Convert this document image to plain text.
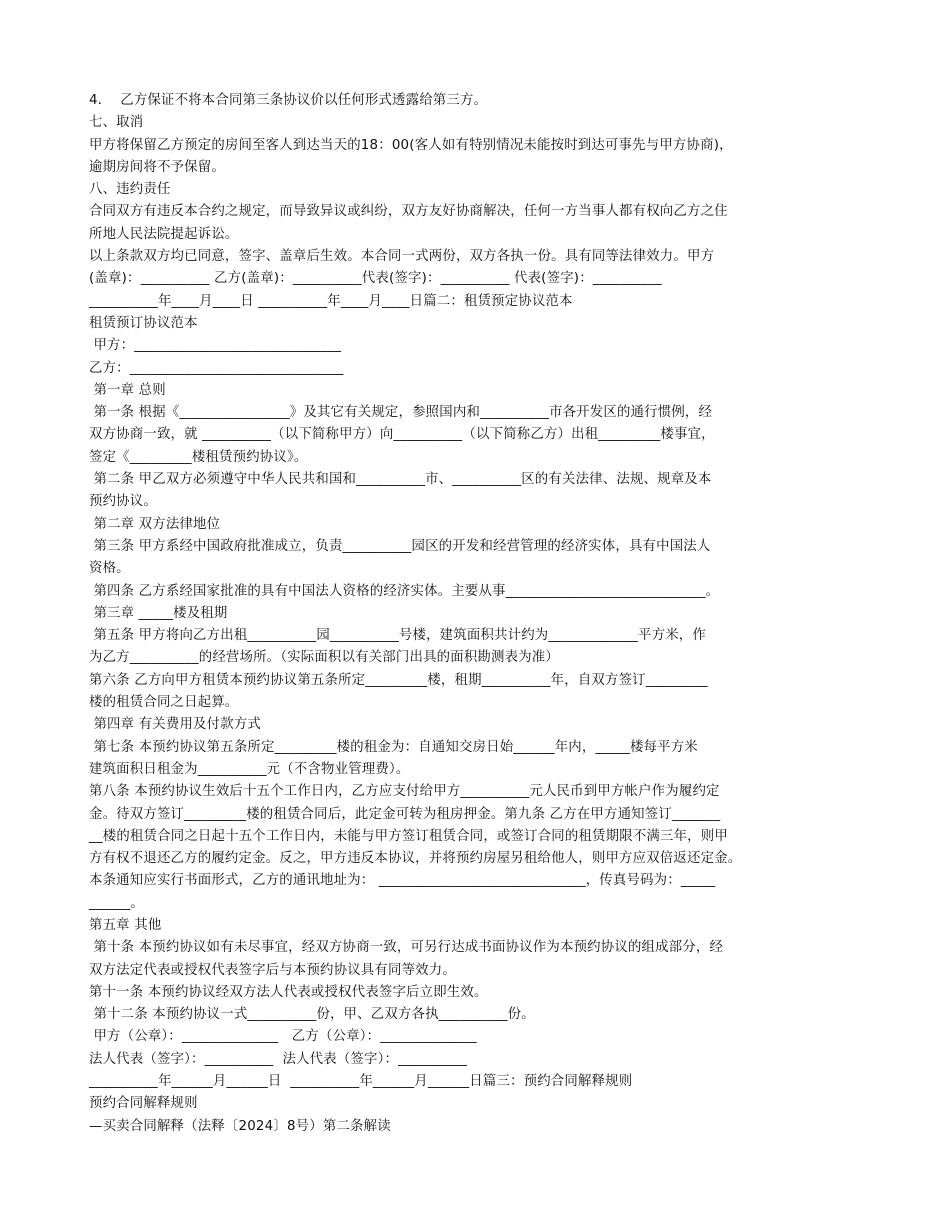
4．  乙方保证不将本合同第三条协议价以任何形式透露给第三方。
七、取消
甲方将保留乙方预定的房间至客人到达当天的18：00(客人如有特别情况未能按时到达可事先与甲方协商)，
逾期房间将不予保留。
八、违约责任
合同双方有违反本合约之规定，而导致异议或纠纷，双方友好协商解决，任何一方当事人都有权向乙方之住
所地人民法院提起诉讼。
以上条款双方均已同意，签字、盖章后生效。本合同一式两份，双方各执一份。具有同等法律效力。甲方
(盖章)：__________ 乙方(盖章)：__________代表(签字)：__________ 代表(签字)：__________
__________年____月____日 __________年____月____日篇二：租赁预定协议范本
租赁预订协议范本
甲方：______________________________
乙方：_______________________________
第一章 总则
第一条 根据《________________》及其它有关规定，参照国内和__________市各开发区的通行惯例，经
双方协商一致，就 __________（以下简称甲方）向__________（以下简称乙方）出租_________楼事宜，
签定《_________楼租赁预约协议》。
第二条 甲乙双方必须遵守中华人民共和国和__________市、__________区的有关法律、法规、规章及本
预约协议。
第二章 双方法律地位
第三条 甲方系经中国政府批准成立，负责__________园区的开发和经营管理的经济实体，具有中国法人
资格。
第四条 乙方系经国家批准的具有中国法人资格的经济实体。主要从事_____________________________。
第三章 _____楼及租期
第五条 甲方将向乙方出租__________园__________号楼，建筑面积共计约为_____________平方米，作
为乙方__________的经营场所。（实际面积以有关部门出具的面积勘测表为准）
第六条 乙方向甲方租赁本预约协议第五条所定_________楼，租期__________年，自双方签订_________
楼的租赁合同之日起算。
第四章 有关费用及付款方式
第七条 本预约协议第五条所定_________楼的租金为：自通知交房日始______年内，_____楼每平方米
建筑面积日租金为__________元（不含物业管理费）。
第八条 本预约协议生效后十五个工作日内，乙方应支付给甲方__________元人民币到甲方帐户作为履约定
金。待双方签订_________楼的租赁合同后，此定金可转为租房押金。第九条 乙方在甲方通知签订_______
__楼的租赁合同之日起十五个工作日内，未能与甲方签订租赁合同，或签订合同的租赁期限不满三年，则甲
方有权不退还乙方的履约定金。反之，甲方违反本协议，并将预约房屋另租给他人，则甲方应双倍返还定金。
本条通知应实行书面形式，乙方的通讯地址为： ______________________________，传真号码为：_____
______。
第五章 其他
第十条 本预约协议如有未尽事宜，经双方协商一致，可另行达成书面协议作为本预约协议的组成部分，经
双方法定代表或授权代表签字后与本预约协议具有同等效力。
第十一条 本预约协议经双方法人代表或授权代表签字后立即生效。
第十二条 本预约协议一式__________份，甲、乙双方各执__________份。
甲方（公章）：______________   乙方（公章）：______________
法人代表（签字）：__________  法人代表（签字）：__________
__________年______月______日  __________年______月______日篇三：预约合同解释规则
预约合同解释规则
—买卖合同解释（法释〔2024〕8号）第二条解读
